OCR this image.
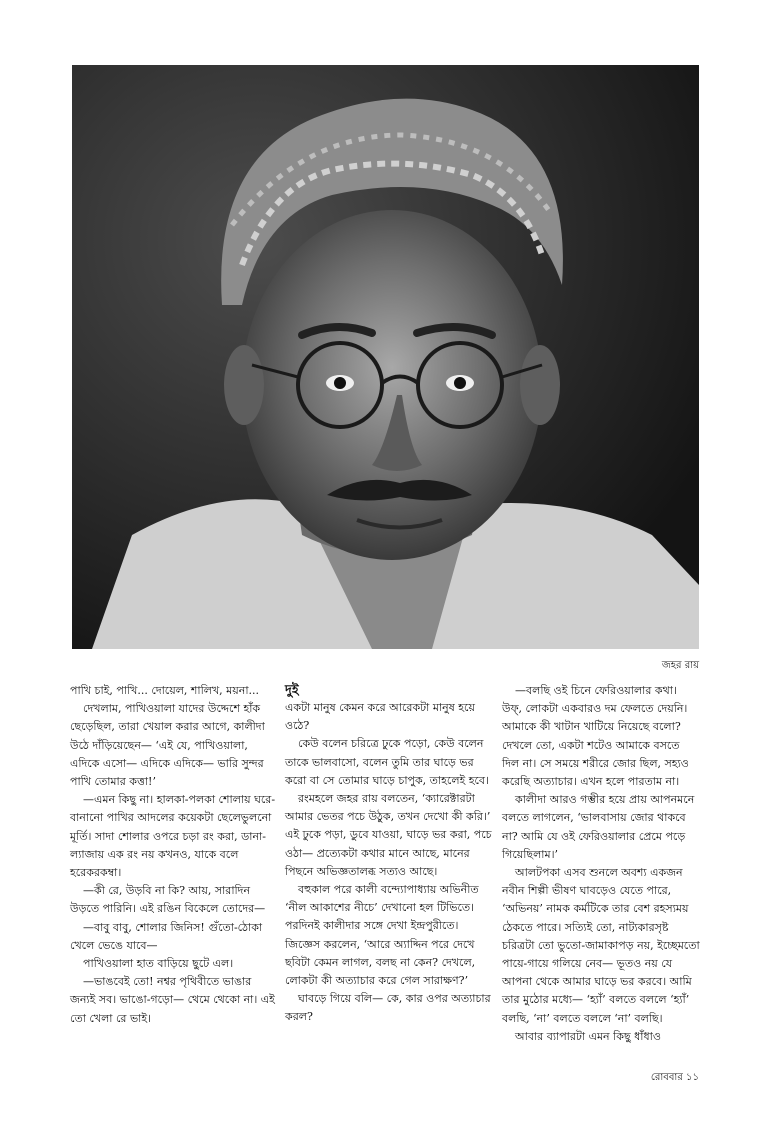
জহর রায়

পাখি চাই, পাখি... দোয়েল, শালিখ, ময়না...

দেখলাম, পাখিওয়ালা যাদের উদ্দেশে হাঁক ছেড়েছিল, তারা খেয়াল করার আগে, কালীদা উঠে দাঁড়িয়েছেন— ‘এই যে, পাখিওয়ালা, এদিকে এসো— এদিকে এদিকে— ভারি সুন্দর পাখি তোমার কত্তা!’

—এমন কিছু না। হালকা-পলকা শোলায় ঘরে-বানানো পাখির আদলের কয়েকটা ছেলেভুলনো মূর্তি। সাদা শোলার ওপরে চড়া রং করা, ডানা-ল্যাজায় এক রং নয় কখনও, যাকে বলে হরেকরকম্বা।

—কী রে, উড়বি না কি? আয়, সারাদিন উড়তে পারিনি। এই রঙিন বিকেলে তোদের—

—বাবু বাবু, শোলার জিনিস! গুঁতো-ঠোকা খেলে ভেঙে যাবে—

পাখিওয়ালা হাত বাড়িয়ে ছুটে এল।

—ভাঙবেই তো! নশ্বর পৃথিবীতে ভাঙার জন্যই সব। ভাঙো-গড়ো— থেমে থেকো না। এই তো খেলা রে ভাই।

দুই

একটা মানুষ কেমন করে আরেকটা মানুষ হয়ে ওঠে?

কেউ বলেন চরিত্রে ঢুকে পড়ো, কেউ বলেন তাকে ভালবাসো, বলেন তুমি তার ঘাড়ে ভর করো বা সে তোমার ঘাড়ে চাপুক, তাহলেই হবে।

রংমহলে জহর রায় বলতেন, ‘ক্যারেক্টারটা আমার ভেতর পচে উঠুক, তখন দেখো কী করি।’ এই ঢুকে পড়া, ডুবে যাওয়া, ঘাড়ে ভর করা, পচে ওঠা— প্রত্যেকটা কথার মানে আছে, মানের পিছনে অভিজ্ঞতালব্ধ সত্যও আছে।

বহুকাল পরে কালী বন্দ্যোপাধ্যায় অভিনীত ‘নীল আকাশের নীচে’ দেখানো হল টিভিতে। পরদিনই কালীদার সঙ্গে দেখা ইন্দ্রপুরীতে। জিজ্ঞেস করলেন, ‘আরে অ্যাদ্দিন পরে দেখে ছবিটা কেমন লাগল, বলছ না কেন? দেখলে, লোকটা কী অত্যাচার করে গেল সারাক্ষণ?’

ঘাবড়ে গিয়ে বলি— কে, কার ওপর অত্যাচার করল?

—বলছি ওই চিনে ফেরিওয়ালার কথা। উফ্, লোকটা একবারও দম ফেলতে দেয়নি। আমাকে কী খাটান খাটিয়ে নিয়েছে বলো? দেখলে তো, একটা শটেও আমাকে বসতে দিল না। সে সময়ে শরীরে জোর ছিল, সহ্যও করেছি অত্যাচার। এখন হলে পারতাম না।

কালীদা আরও গম্ভীর হয়ে প্রায় আপনমনে বলতে লাগলেন, ‘ভালবাসায় জোর থাকবে না? আমি যে ওই ফেরিওয়ালার প্রেমে পড়ে গিয়েছিলাম।’

আলটপকা এসব শুনলে অবশ্য একজন নবীন শিল্পী ভীষণ ঘাবড়েও যেতে পারে, ‘অভিনয়’ নামক কর্মটিকে তার বেশ রহস্যময় ঠেকতে পারে। সত্যিই তো, নাট্যকারসৃষ্ট চরিত্রটা তো ভুতো-জামাকাপড় নয়, ইচ্ছেমতো পায়ে-গায়ে গলিয়ে নেব— ভূতও নয় যে আপনা থেকে আমার ঘাড়ে ভর করবে। আমি তার মুঠোর মধ্যে— ‘হ্যাঁ’ বলতে বললে ‘হ্যাঁ’ বলছি, ‘না’ বলতে বললে ‘না’ বলছি।

আবার ব্যাপারটা এমন কিছু ধাঁধাও

রোববার ১১
